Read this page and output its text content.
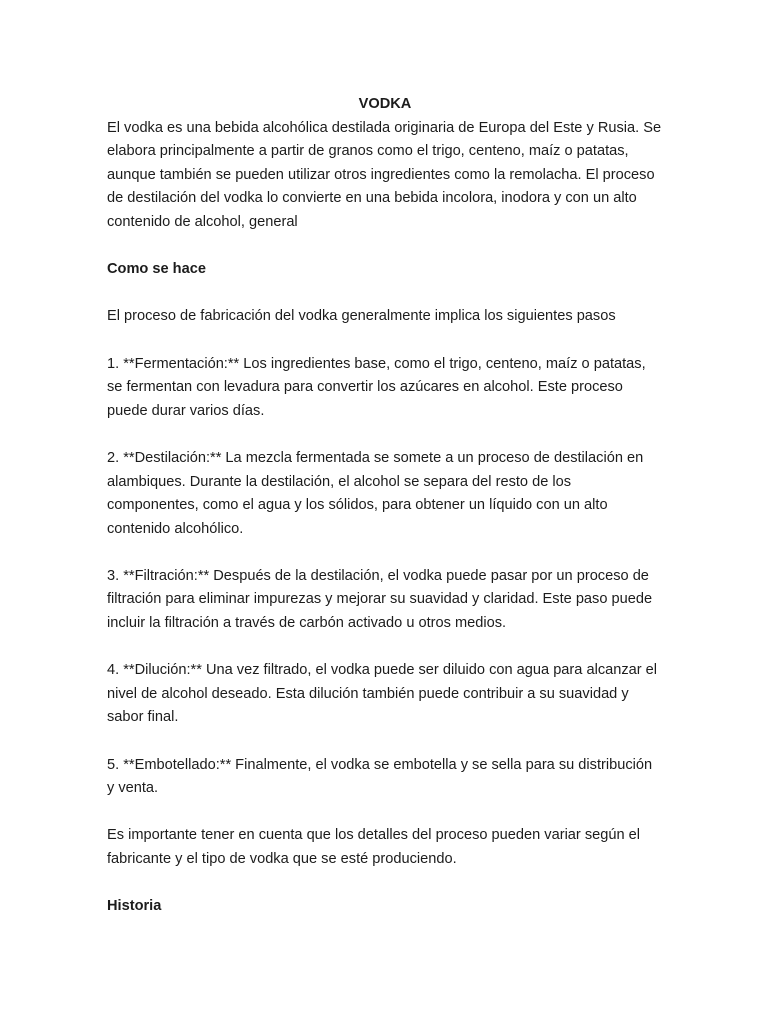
VODKA

El vodka es una bebida alcohólica destilada originaria de Europa del Este y Rusia. Se elabora principalmente a partir de granos como el trigo, centeno, maíz o patatas, aunque también se pueden utilizar otros ingredientes como la remolacha. El proceso de destilación del vodka lo convierte en una bebida incolora, inodora y con un alto contenido de alcohol, general

Como se hace

El proceso de fabricación del vodka generalmente implica los siguientes pasos

1. **Fermentación:** Los ingredientes base, como el trigo, centeno, maíz o patatas, se fermentan con levadura para convertir los azúcares en alcohol. Este proceso puede durar varios días.

2. **Destilación:** La mezcla fermentada se somete a un proceso de destilación en alambiques. Durante la destilación, el alcohol se separa del resto de los componentes, como el agua y los sólidos, para obtener un líquido con un alto contenido alcohólico.

3. **Filtración:** Después de la destilación, el vodka puede pasar por un proceso de filtración para eliminar impurezas y mejorar su suavidad y claridad. Este paso puede incluir la filtración a través de carbón activado u otros medios.

4. **Dilución:** Una vez filtrado, el vodka puede ser diluido con agua para alcanzar el nivel de alcohol deseado. Esta dilución también puede contribuir a su suavidad y sabor final.

5. **Embotellado:** Finalmente, el vodka se embotella y se sella para su distribución y venta.

Es importante tener en cuenta que los detalles del proceso pueden variar según el fabricante y el tipo de vodka que se esté produciendo.

Historia
